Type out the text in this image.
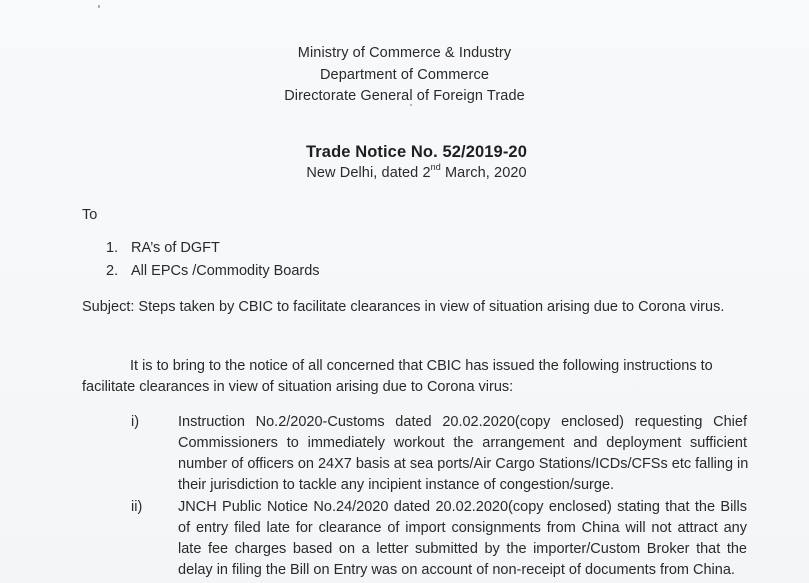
Ministry of Commerce & Industry
Department of Commerce
Directorate General of Foreign Trade
Trade Notice No. 52/2019-20
New Delhi, dated 2nd March, 2020
To
1. RA’s of DGFT
2. All EPCs /Commodity Boards
Subject: Steps taken by CBIC to facilitate clearances in view of situation arising due to Corona virus.
It is to bring to the notice of all concerned that CBIC has issued the following instructions to
facilitate clearances in view of situation arising due to Corona virus:
i)	Instruction No.2/2020-Customs dated 20.02.2020(copy enclosed) requesting Chief
Commissioners to immediately workout the arrangement and deployment sufficient
number of officers on 24X7 basis at sea ports/Air Cargo Stations/ICDs/CFSs etc falling in
their jurisdiction to tackle any incipient instance of congestion/surge.
ii) JNCH Public Notice No.24/2020 dated 20.02.2020(copy enclosed) stating that the Bills
of entry filed late for clearance of import consignments from China will not attract any
late fee charges based on a letter submitted by the importer/Custom Broker that the
delay in filing the Bill on Entry was on account of non-receipt of documents from China.
